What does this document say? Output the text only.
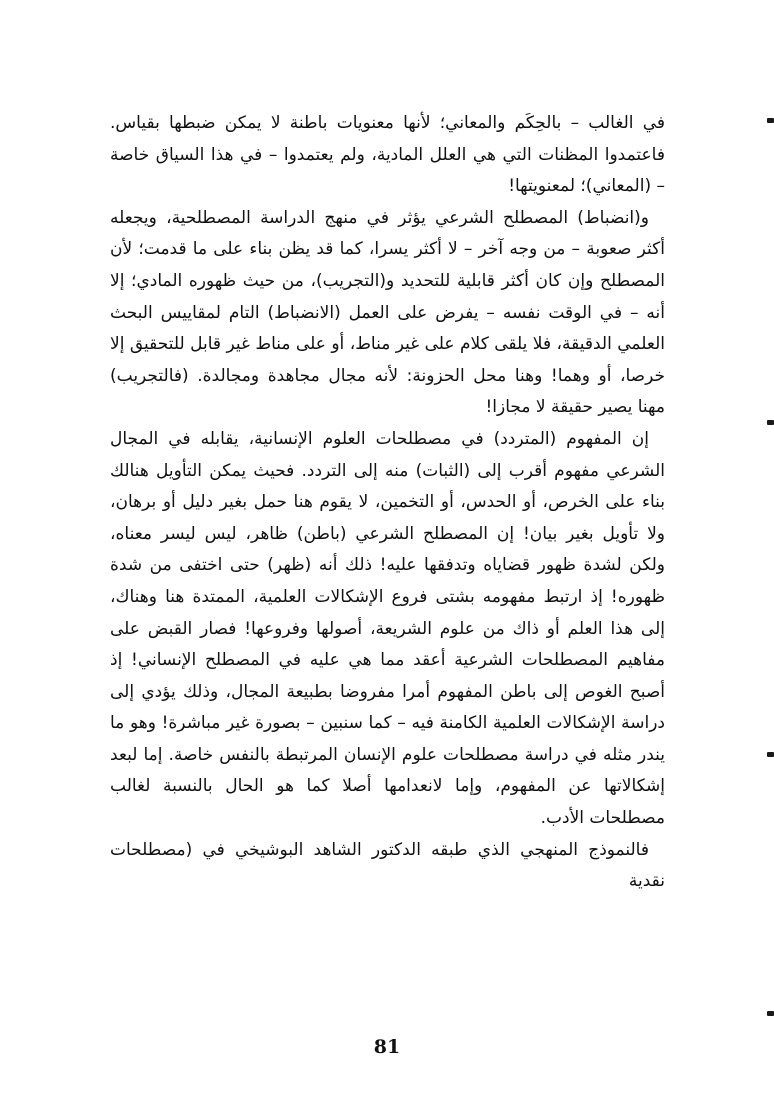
في الغالب – بالحِكَم والمعاني؛ لأنها معنويات باطنة لا يمكن ضبطها بقياس. فاعتمدوا المظنات التي هي العلل المادية، ولم يعتمدوا – في هذا السياق خاصة – (المعاني)؛ لمعنويتها!

و(انضباط) المصطلح الشرعي يؤثر في منهج الدراسة المصطلحية، ويجعله أكثر صعوبة – من وجه آخر – لا أكثر يسرا، كما قد يظن بناء على ما قدمت؛ لأن المصطلح وإن كان أكثر قابلية للتحديد و(التجريب)، من حيث ظهوره المادي؛ إلا أنه – في الوقت نفسه – يفرض على العمل (الانضباط) التام لمقاييس البحث العلمي الدقيقة، فلا يلقى كلام على غير مناط، أو على مناط غير قابل للتحقيق إلا خرصا، أو وهما! وهنا محل الحزونة: لأنه مجال مجاهدة ومجالدة. (فالتجريب) مهنا يصير حقيقة لا مجازا!

إن المفهوم (المتردد) في مصطلحات العلوم الإنسانية، يقابله في المجال الشرعي مفهوم أقرب إلى (الثبات) منه إلى التردد. فحيث يمكن التأويل هنالك بناء على الخرص، أو الحدس، أو التخمين، لا يقوم هنا حمل بغير دليل أو برهان، ولا تأويل بغير بيان! إن المصطلح الشرعي (باطن) ظاهر، ليس ليسر معناه، ولكن لشدة ظهور قضاياه وتدفقها عليه! ذلك أنه (ظهر) حتى اختفى من شدة ظهوره! إذ ارتبط مفهومه بشتى فروع الإشكالات العلمية، الممتدة هنا وهناك، إلى هذا العلم أو ذاك من علوم الشريعة، أصولها وفروعها! فصار القبض على مفاهيم المصطلحات الشرعية أعقد مما هي عليه في المصطلح الإنساني! إذ أصبح الغوص إلى باطن المفهوم أمرا مفروضا بطبيعة المجال، وذلك يؤدي إلى دراسة الإشكالات العلمية الكامنة فيه – كما سنبين – بصورة غير مباشرة! وهو ما يندر مثله في دراسة مصطلحات علوم الإنسان المرتبطة بالنفس خاصة. إما لبعد إشكالاتها عن المفهوم، وإما لانعدامها أصلا كما هو الحال بالنسبة لغالب مصطلحات الأدب.

فالنموذج المنهجي الذي طبقه الدكتور الشاهد البوشيخي في (مصطلحات نقدية

81
